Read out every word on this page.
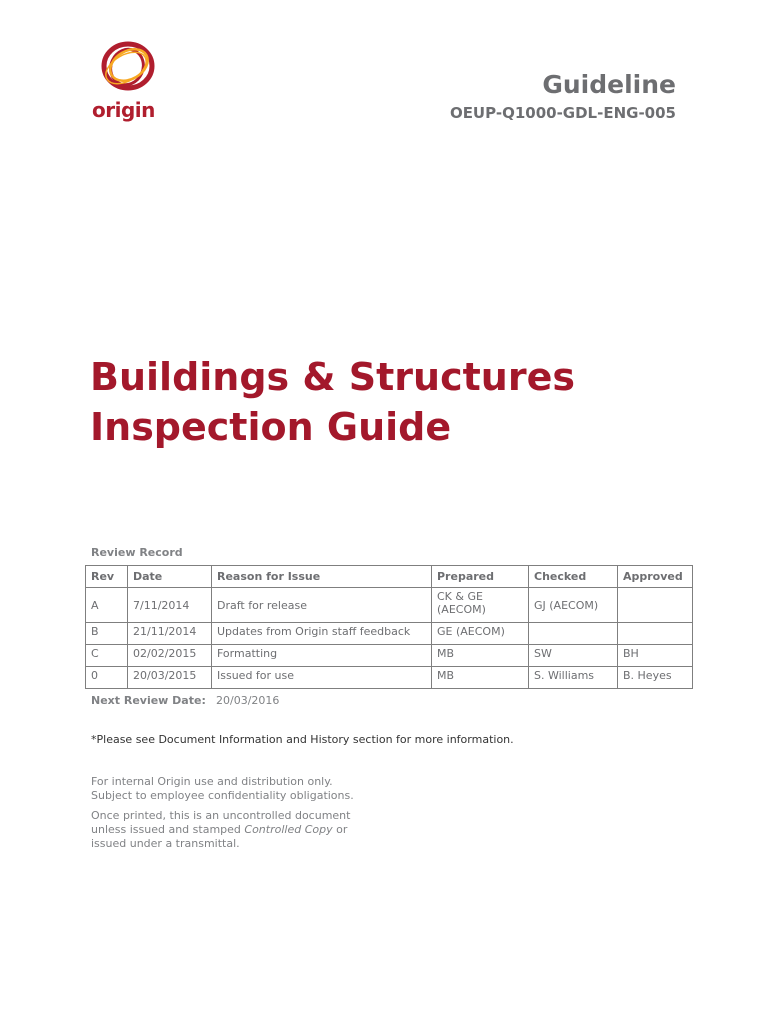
origin
Guideline
OEUP-Q1000-GDL-ENG-005
Buildings & Structures
Inspection Guide
Review Record
Rev	Date	Reason for Issue	Prepared	Checked	Approved
A	7/11/2014	Draft for release	CK & GE (AECOM)	GJ (AECOM)	
B	21/11/2014	Updates from Origin staff feedback	GE (AECOM)		
C	02/02/2015	Formatting	MB	SW	BH
0	20/03/2015	Issued for use	MB	S. Williams	B. Heyes
Next Review Date: 20/03/2016
*Please see Document Information and History section for more information.

For internal Origin use and distribution only.
Subject to employee confidentiality obligations.

Once printed, this is an uncontrolled document
unless issued and stamped Controlled Copy or
issued under a transmittal.
